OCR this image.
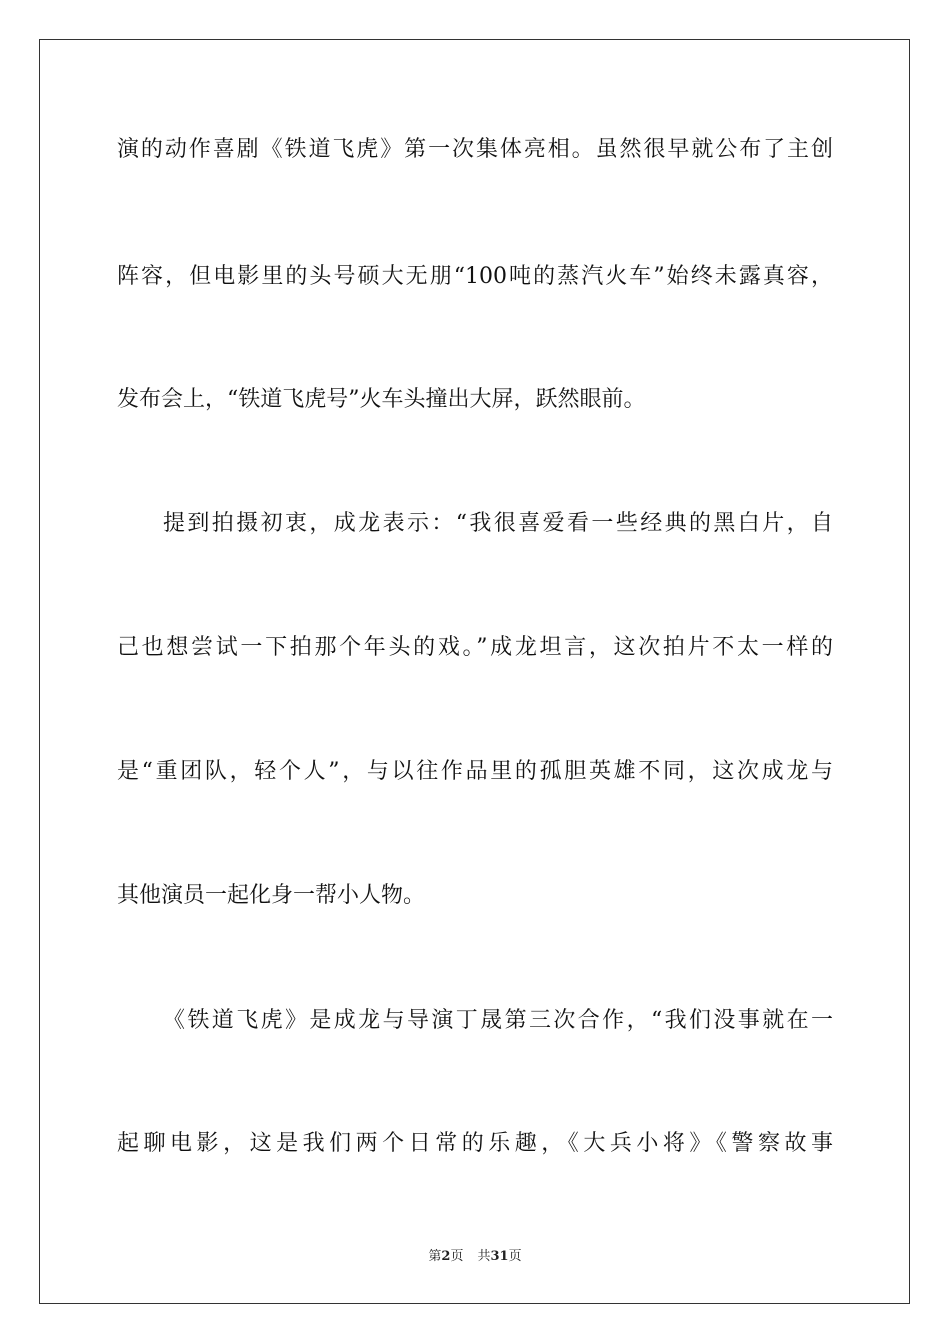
演的动作喜剧《铁道飞虎》第一次集体亮相。虽然很早就公布了主创
阵容，但电影里的头号硕大无朋“100吨的蒸汽火车”始终未露真容，
发布会上，“铁道飞虎号”火车头撞出大屏，跃然眼前。
提到拍摄初衷，成龙表示：“我很喜爱看一些经典的黑白片，自
己也想尝试一下拍那个年头的戏。”成龙坦言，这次拍片不太一样的
是“重团队，轻个人”，与以往作品里的孤胆英雄不同，这次成龙与
其他演员一起化身一帮小人物。
《铁道飞虎》是成龙与导演丁晟第三次合作，“我们没事就在一
起聊电影，这是我们两个日常的乐趣，《大兵小将》《警察故事
第2页 共31页
